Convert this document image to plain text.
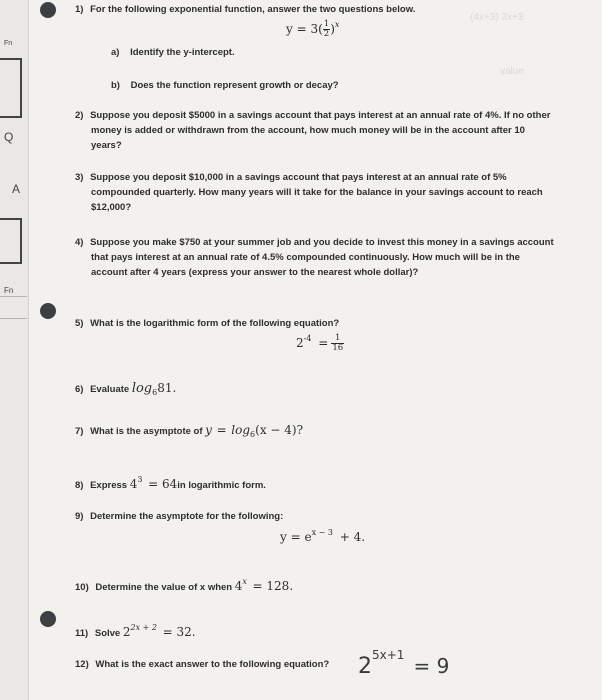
Fn
Q
A
Fn
(4x+3) 3x+3
value
1) For the following exponential function, answer the two questions below.
$y = 3( \frac{1}{2} )^x$
a) Identify the y-intercept.
b) Does the function represent growth or decay?
2) Suppose you deposit $5000 in a savings account that pays interest at an annual rate of 4%. If no other
money is added or withdrawn from the account, how much money will be in the account after 10
years?
3) Suppose you deposit $10,000 in a savings account that pays interest at an annual rate of 5%
compounded quarterly. How many years will it take for the balance in your savings account to reach
$12,000?
4) Suppose you make $750 at your summer job and you decide to invest this money in a savings account
that pays interest at an annual rate of 4.5% compounded continuously. How much will be in the
account after 4 years (express your answer to the nearest whole dollar)?
5) What is the logarithmic form of the following equation?
$2^{-4} = \frac{1}{16}$
6) Evaluate $\log_681$.
7) What is the asymptote of $y = \log_6(x - 4)$?
8) Express $4^3 = 64in$ logarithmic form.
9) Determine the asymptote for the following:
$y = e^{x - 3} + 4$.
10) Determine the value of x when $4^x = 128$.
11) Solve $2^{2x + 2} = 32$.
12) What is the exact answer to the following equation? $2^{5x+1} = 9$
